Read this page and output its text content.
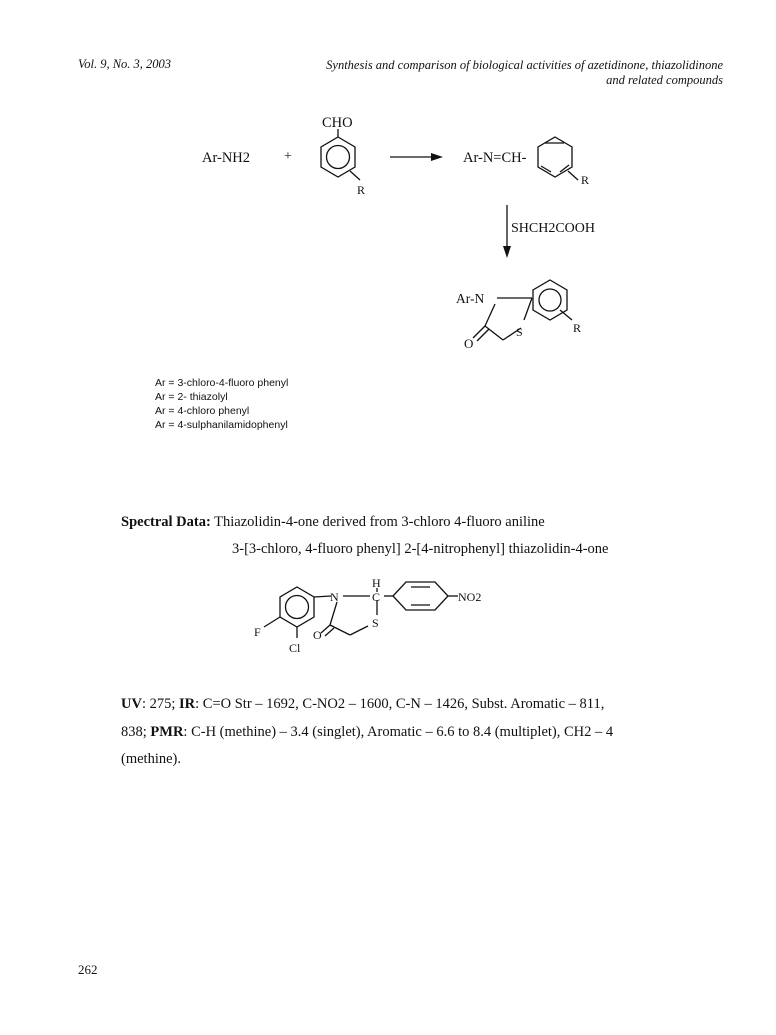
Vol. 9, No. 3, 2003	Synthesis and comparison of biological activities of azetidinone, thiazolidinone
and related compounds
Ar-NH2 +
CHO
R
Ar-N=CH-
R
SHCH2COOH
Ar-N
S
O
R
Ar = 3-chloro-4-fluoro phenyl
Ar = 2- thiazolyl
Ar = 4-chloro phenyl
Ar = 4-sulphanilamidophenyl
Spectral Data: Thiazolidin-4-one derived from 3-chloro 4-fluoro aniline
3-[3-chloro, 4-fluoro phenyl] 2-[4-nitrophenyl] thiazolidin-4-one
N	C
H
S
O
F
Cl
NO2
UV: 275; IR: C=O Str – 1692, C-NO2 – 1600, C-N – 1426, Subst. Aromatic – 811,
838; PMR: C-H (methine) – 3.4 (singlet), Aromatic – 6.6 to 8.4 (multiplet), CH2 – 4
(methine).
262
